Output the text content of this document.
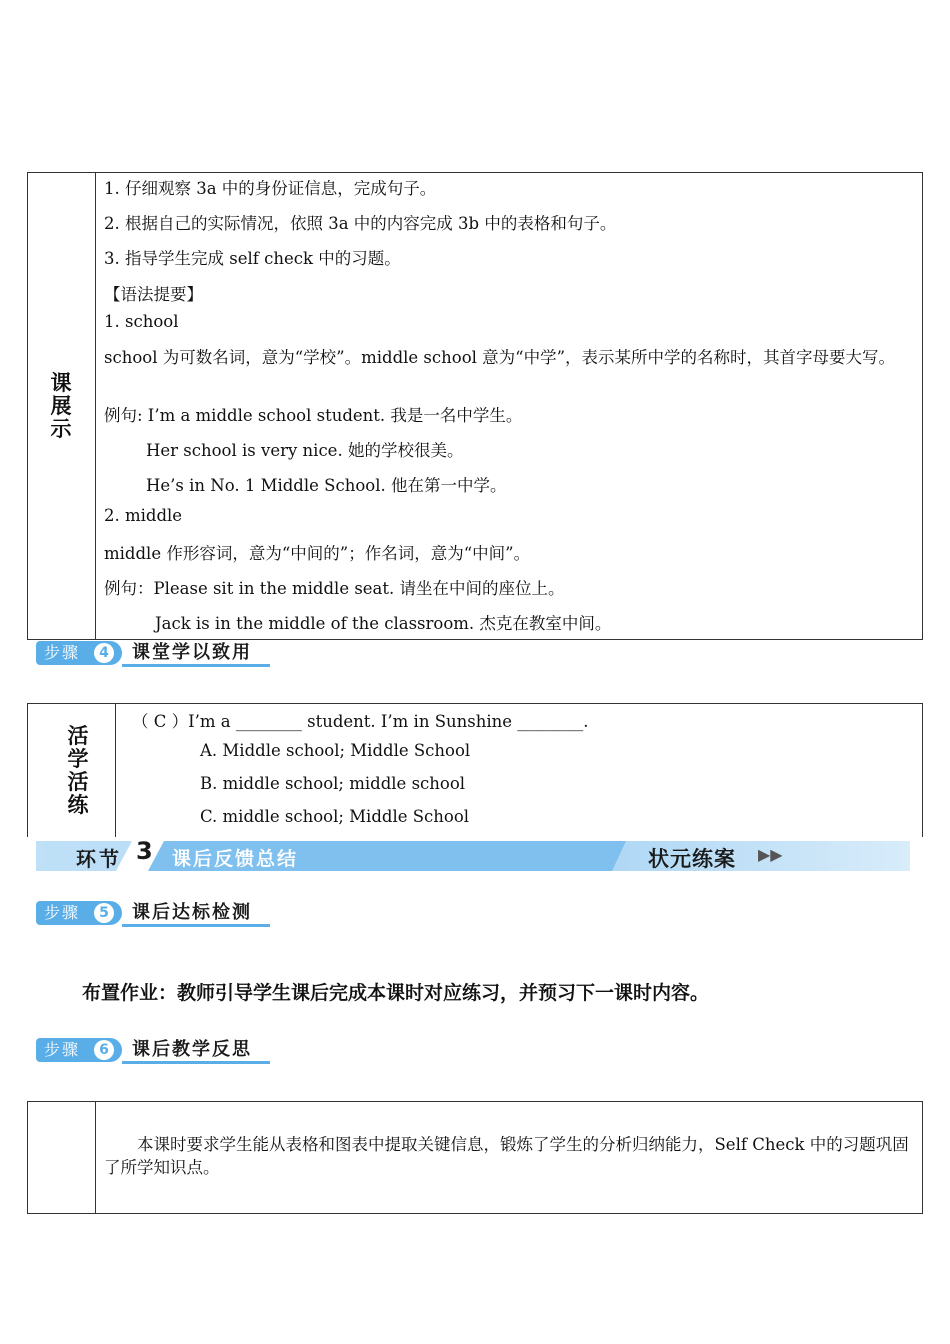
课展示
1. 仔细观察 3a 中的身份证信息，完成句子。
2. 根据自己的实际情况，依照 3a 中的内容完成 3b 中的表格和句子。
3. 指导学生完成 self check 中的习题。
【语法提要】
1. school
school 为可数名词，意为“学校”。middle school 意为“中学”，表示某所中学的名称时，其首字母要大写。
例句: I’m a middle school student. 我是一名中学生。
Her school is very nice. 她的学校很美。
He’s in No. 1 Middle School. 他在第一中学。
2. middle
middle 作形容词，意为“中间的”；作名词，意为“中间”。
例句：Please sit in the middle seat. 请坐在中间的座位上。
Jack is in the middle of the classroom. 杰克在教室中间。
步骤	4 课堂学以致用
活学活练
（ C ）I’m a ________ student. I’m in Sunshine ________.
A. Middle school; Middle School
B. middle school; middle school
C. middle school; Middle School
环节 3 课后反馈总结	状元练案 ▶▶
步骤	5 课后达标检测
布置作业：教师引导学生课后完成本课时对应练习，并预习下一课时内容。
步骤	6 课后教学反思
本课时要求学生能从表格和图表中提取关键信息，锻炼了学生的分析归纳能力，Self Check 中的习题巩固了所学知识点。
